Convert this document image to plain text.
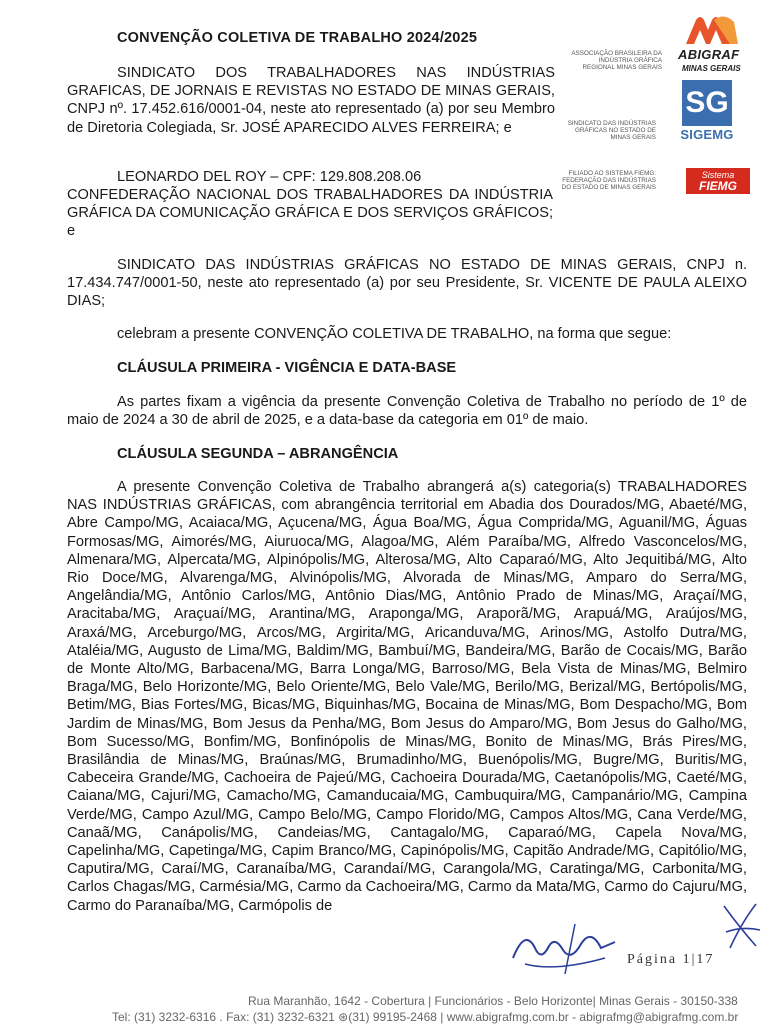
CONVENÇÃO COLETIVA DE TRABALHO 2024/2025
ASSOCIAÇÃO BRASILEIRA DA INDÚSTRIA GRÁFICA REGIONAL MINAS GERAIS
ABIGRAF
MINAS GERAIS
SINDICATO DAS INDÚSTRIAS GRÁFICAS NO ESTADO DE MINAS GERAIS
SG
SIGEMG
FILIADO AO SISTEMA FIEMG: FEDERAÇÃO DAS INDÚSTRIAS DO ESTADO DE MINAS GERAIS
Sistema
FIEMG

SINDICATO DOS TRABALHADORES NAS INDÚSTRIAS GRAFICAS, DE JORNAIS E REVISTAS NO ESTADO DE MINAS GERAIS, CNPJ nº. 17.452.616/0001-04, neste ato representado (a) por seu Membro de Diretoria Colegiada, Sr. JOSÉ APARECIDO ALVES FERREIRA; e

LEONARDO DEL ROY – CPF: 129.808.208.06

CONFEDERAÇÃO NACIONAL DOS TRABALHADORES DA INDÚSTRIA GRÁFICA DA COMUNICAÇÃO GRÁFICA E DOS SERVIÇOS GRÁFICOS; e

SINDICATO DAS INDÚSTRIAS GRÁFICAS NO ESTADO DE MINAS GERAIS, CNPJ n. 17.434.747/0001-50, neste ato representado (a) por seu Presidente, Sr. VICENTE DE PAULA ALEIXO DIAS;

celebram a presente CONVENÇÃO COLETIVA DE TRABALHO, na forma que segue:

CLÁUSULA PRIMEIRA - VIGÊNCIA E DATA-BASE

As partes fixam a vigência da presente Convenção Coletiva de Trabalho no período de 1º de maio de 2024 a 30 de abril de 2025, e a data-base da categoria em 01º de maio.

CLÁUSULA SEGUNDA – ABRANGÊNCIA

A presente Convenção Coletiva de Trabalho abrangerá a(s) categoria(s) TRABALHADORES NAS INDÚSTRIAS GRÁFICAS, com abrangência territorial em Abadia dos Dourados/MG, Abaeté/MG, Abre Campo/MG, Acaiaca/MG, Açucena/MG, Água Boa/MG, Água Comprida/MG, Aguanil/MG, Águas Formosas/MG, Aimorés/MG, Aiuruoca/MG, Alagoa/MG, Além Paraíba/MG, Alfredo Vasconcelos/MG, Almenara/MG, Alpercata/MG, Alpinópolis/MG, Alterosa/MG, Alto Caparaó/MG, Alto Jequitibá/MG, Alto Rio Doce/MG, Alvarenga/MG, Alvinópolis/MG, Alvorada de Minas/MG, Amparo do Serra/MG, Angelândia/MG, Antônio Carlos/MG, Antônio Dias/MG, Antônio Prado de Minas/MG, Araçaí/MG, Aracitaba/MG, Araçuaí/MG, Arantina/MG, Araponga/MG, Araporã/MG, Arapuá/MG, Araújos/MG, Araxá/MG, Arceburgo/MG, Arcos/MG, Argirita/MG, Aricanduva/MG, Arinos/MG, Astolfo Dutra/MG, Ataléia/MG, Augusto de Lima/MG, Baldim/MG, Bambuí/MG, Bandeira/MG, Barão de Cocais/MG, Barão de Monte Alto/MG, Barbacena/MG, Barra Longa/MG, Barroso/MG, Bela Vista de Minas/MG, Belmiro Braga/MG, Belo Horizonte/MG, Belo Oriente/MG, Belo Vale/MG, Berilo/MG, Berizal/MG, Bertópolis/MG, Betim/MG, Bias Fortes/MG, Bicas/MG, Biquinhas/MG, Bocaina de Minas/MG, Bom Despacho/MG, Bom Jardim de Minas/MG, Bom Jesus da Penha/MG, Bom Jesus do Amparo/MG, Bom Jesus do Galho/MG, Bom Sucesso/MG, Bonfim/MG, Bonfinópolis de Minas/MG, Bonito de Minas/MG, Brás Pires/MG, Brasilândia de Minas/MG, Braúnas/MG, Brumadinho/MG, Buenópolis/MG, Bugre/MG, Buritis/MG, Cabeceira Grande/MG, Cachoeira de Pajeú/MG, Cachoeira Dourada/MG, Caetanópolis/MG, Caeté/MG, Caiana/MG, Cajuri/MG, Camacho/MG, Camanducaia/MG, Cambuquira/MG, Campanário/MG, Campina Verde/MG, Campo Azul/MG, Campo Belo/MG, Campo Florido/MG, Campos Altos/MG, Cana Verde/MG, Canaã/MG, Canápolis/MG, Candeias/MG, Cantagalo/MG, Caparaó/MG, Capela Nova/MG, Capelinha/MG, Capetinga/MG, Capim Branco/MG, Capinópolis/MG, Capitão Andrade/MG, Capitólio/MG, Caputira/MG, Caraí/MG, Caranaíba/MG, Carandaí/MG, Carangola/MG, Caratinga/MG, Carbonita/MG, Carlos Chagas/MG, Carmésia/MG, Carmo da Cachoeira/MG, Carmo da Mata/MG, Carmo do Cajuru/MG, Carmo do Paranaíba/MG, Carmópolis de

Página 1|17
Rua Maranhão, 1642 - Cobertura | Funcionários - Belo Horizonte| Minas Gerais - 30150-338
Tel: (31) 3232-6316 . Fax: (31) 3232-6321 ⊛(31) 99195-2468 | www.abigrafmg.com.br - abigrafmg@abigrafmg.com.br
